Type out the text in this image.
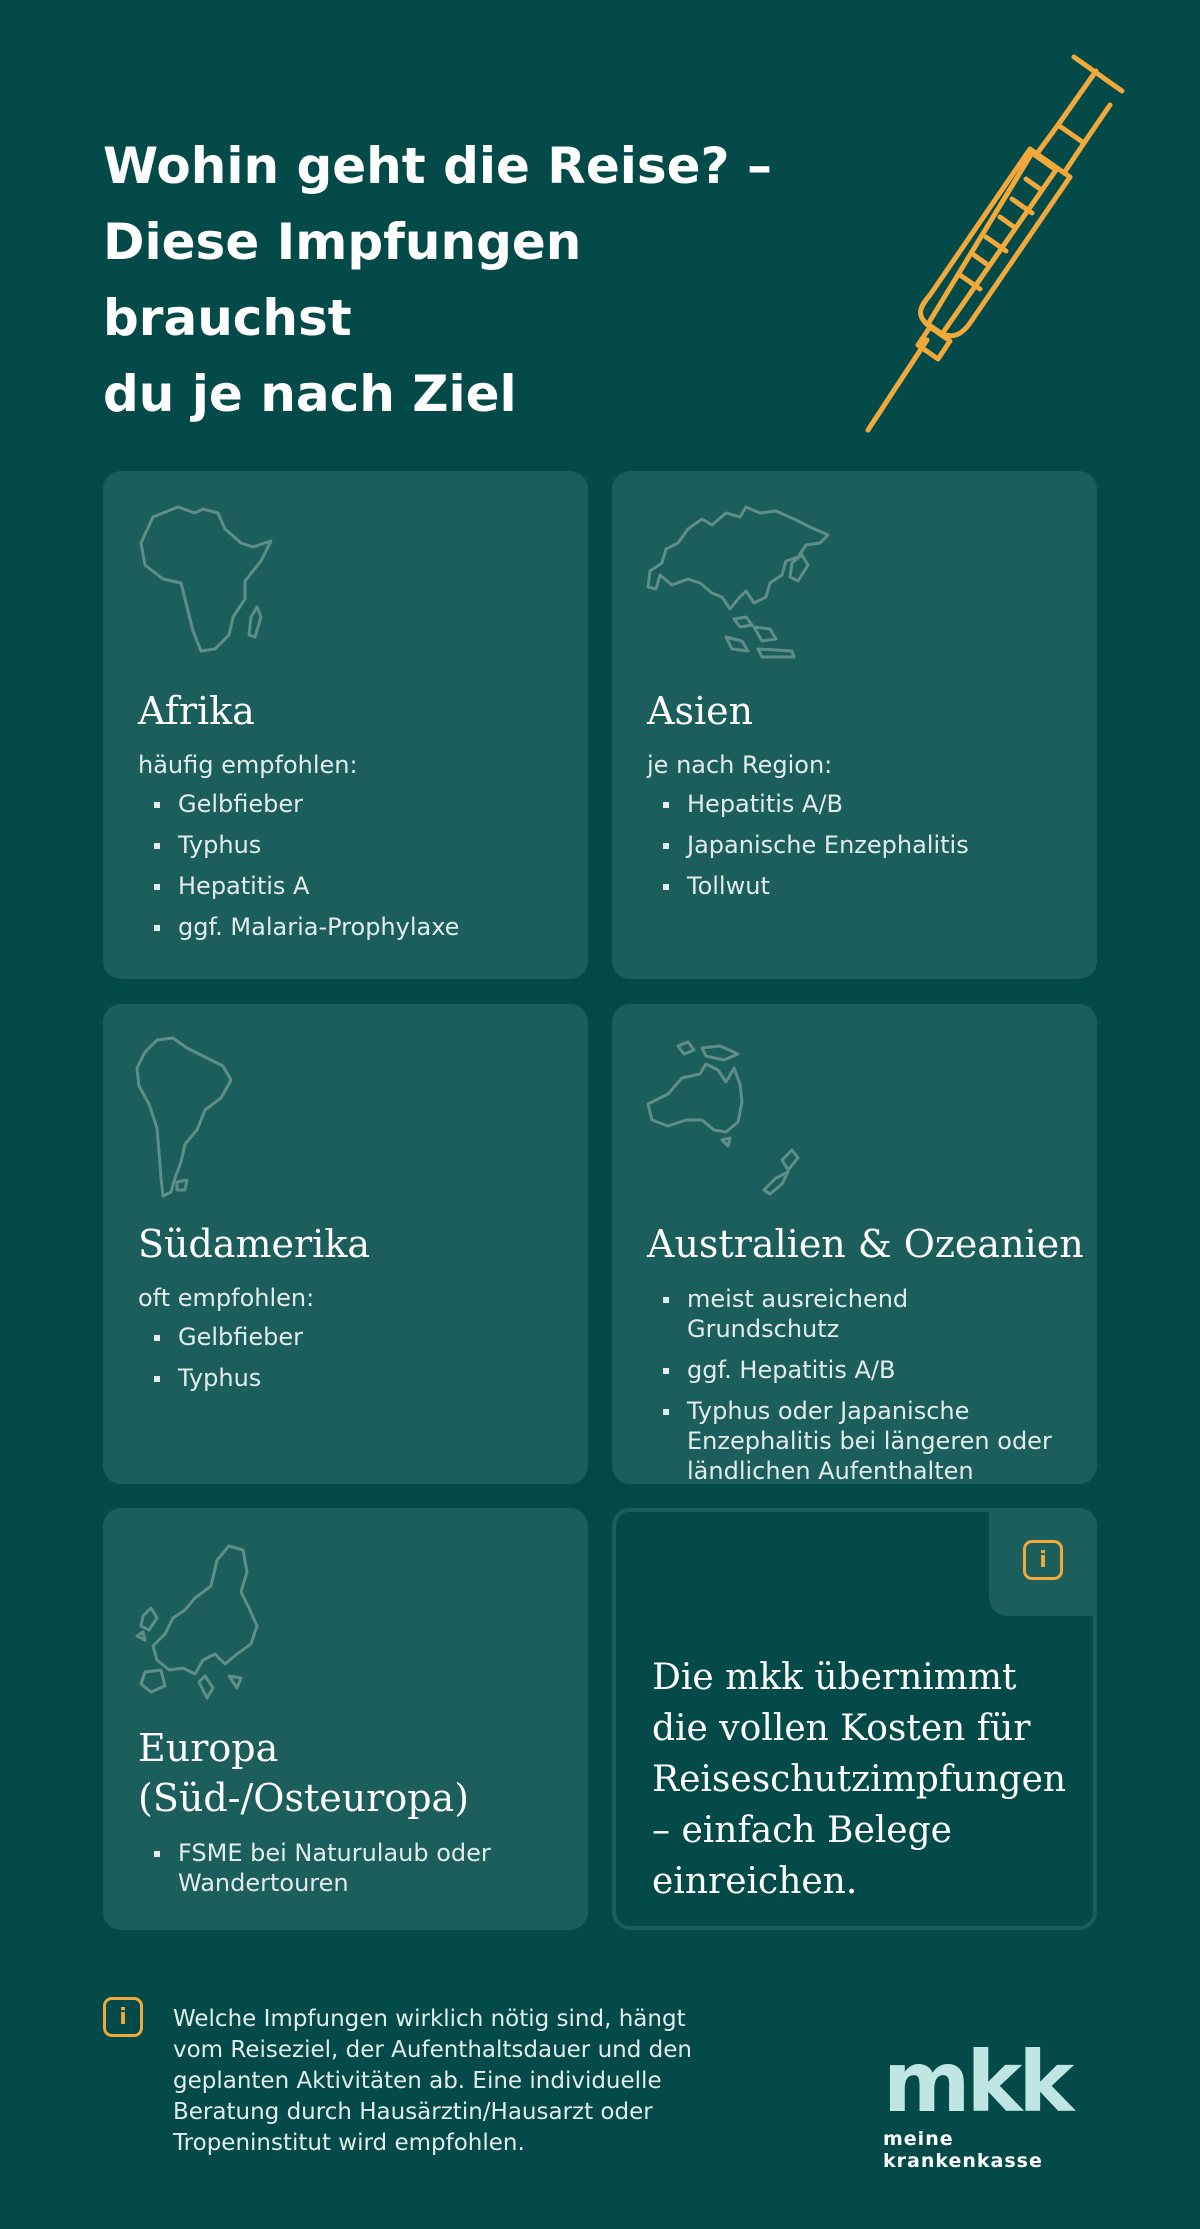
Wohin geht die Reise? –
Diese Impfungen brauchst
du je nach Ziel
Afrika
häufig empfohlen:
Gelbfieber
Typhus
Hepatitis A
ggf. Malaria-Prophylaxe
Asien
je nach Region:
Hepatitis A/B
Japanische Enzephalitis
Tollwut
Südamerika
oft empfohlen:
Gelbfieber
Typhus
Australien & Ozeanien
meist ausreichend Grundschutz
ggf. Hepatitis A/B
Typhus oder Japanische Enzephalitis bei längeren oder ländlichen Aufenthalten
Europa
(Süd-/Osteuropa)
FSME bei Naturulaub oder Wandertouren
i
Die mkk übernimmt die vollen Kosten für Reiseschutzimpfungen – einfach Belege einreichen.
i	Welche Impfungen wirklich nötig sind, hängt vom Reiseziel, der Aufenthaltsdauer und den geplanten Aktivitäten ab. Eine individuelle Beratung durch Hausärztin/Hausarzt oder Tropeninstitut wird empfohlen.
mkk
meine krankenkasse
